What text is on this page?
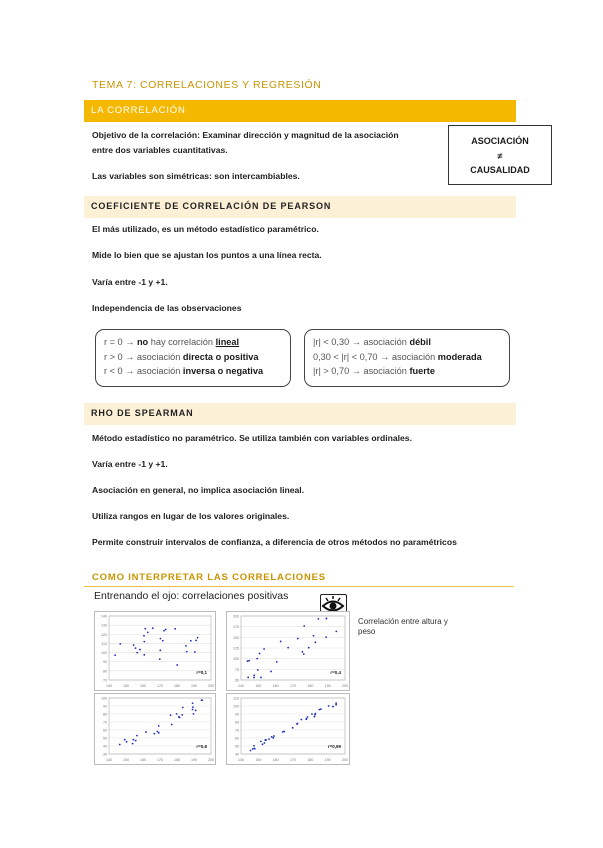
TEMA 7: CORRELACIONES Y REGRESIÓN
LA CORRELACIÓN
Objetivo de la correlación: Examinar dirección y magnitud de la asociación
entre dos variables cuantitativas.
Las variables son simétricas: son intercambiables.
ASOCIACIÓN
≠
CAUSALIDAD
COEFICIENTE DE CORRELACIÓN DE PEARSON
El más utilizado, es un método estadístico paramétrico.
Mide lo bien que se ajustan los puntos a una línea recta.
Varía entre -1 y +1.
Independencia de las observaciones
r = 0 → no hay correlación lineal
r > 0 → asociación directa o positiva
r < 0 → asociación inversa o negativa
|r| < 0,30 → asociación débil
0,30 < |r| < 0,70 → asociación moderada
|r| > 0,70 → asociación fuerte
RHO DE SPEARMAN
Método estadístico no paramétrico. Se utiliza también con variables ordinales.
Varía entre -1 y +1.
Asociación en general, no implica asociación lineal.
Utiliza rangos en lugar de los valores originales.
Permite construir intervalos de confianza, a diferencia de otros métodos no paramétricos
COMO INTERPRETAR LAS CORRELACIONES
Entrenando el ojo: correlaciones positivas
Correlación entre altura y peso
140
130
120
110
100
90
80
70
140	150	160	170	180	190	200
r=0,1
200
175
150
125
100
75
50
140	150	160	170	180	190	200
r=0,4
100
90
80
70
60
50
40
30
140	150	160	170	180	190	200
r=0,8
110
100
90
80
70
60
50
40
140	150	160	170	180	190	200
r=0,99
